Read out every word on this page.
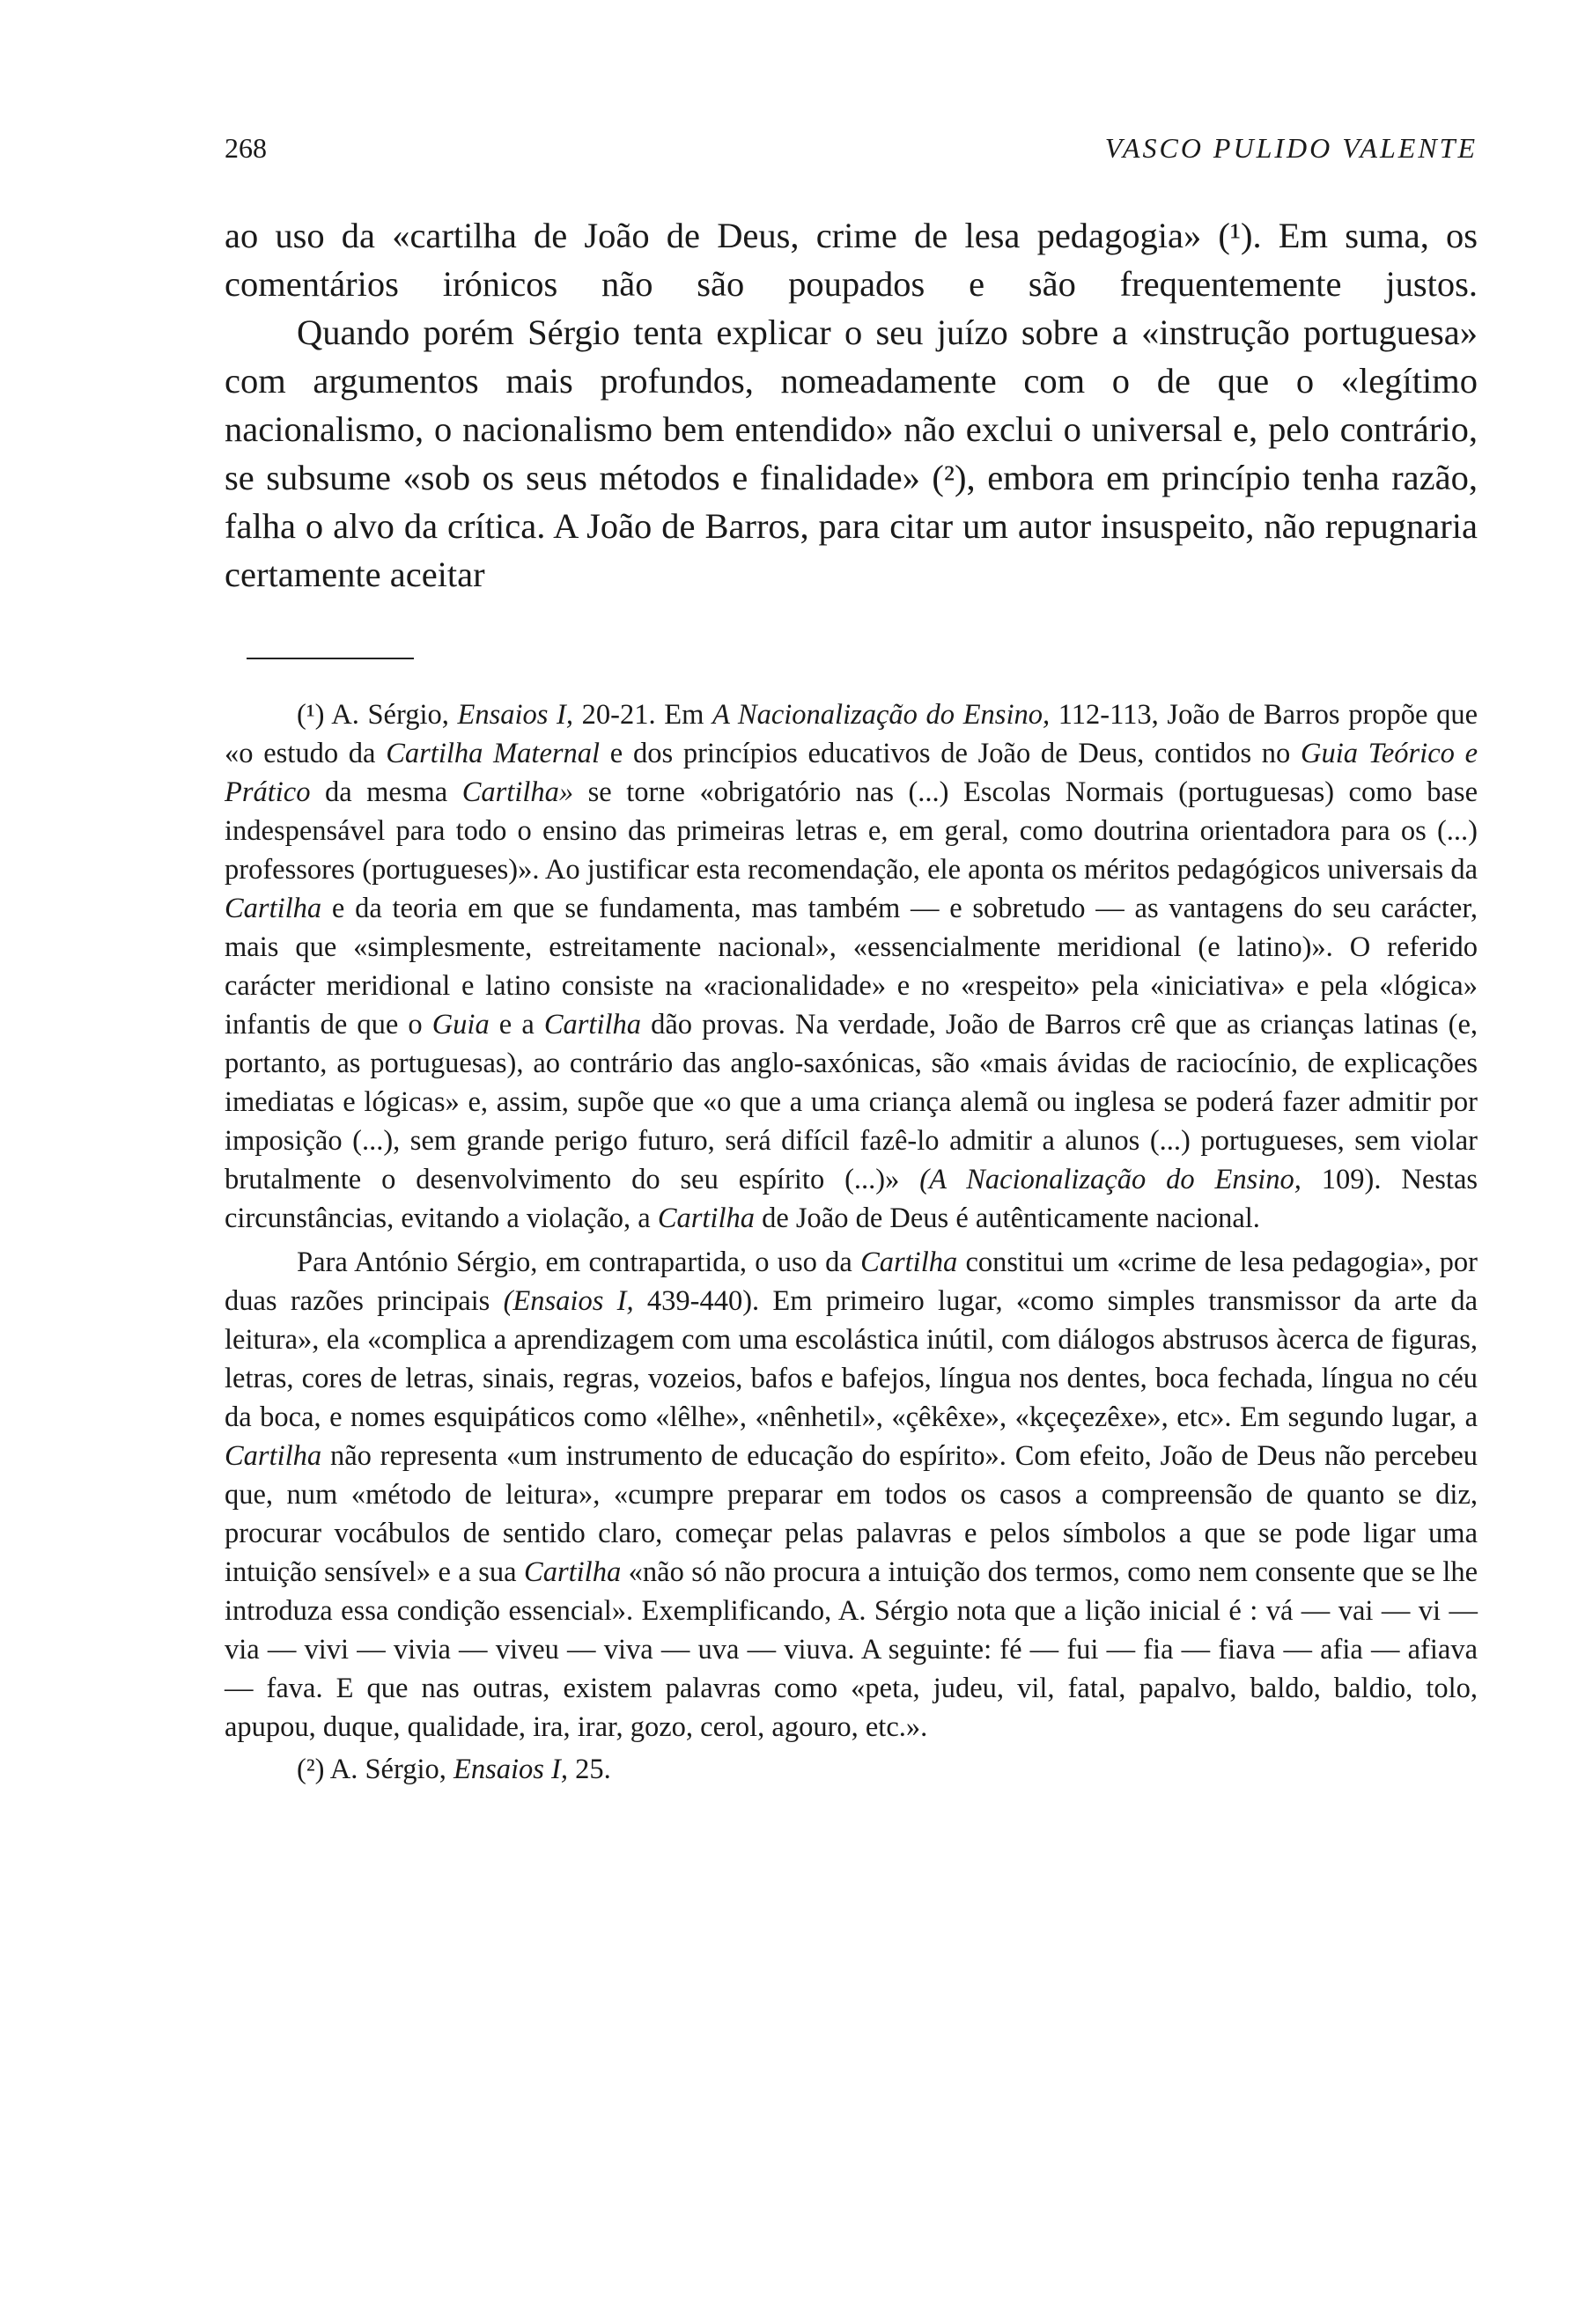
268	VASCO PULIDO VALENTE

ao uso da «cartilha de João de Deus, crime de lesa pedagogia» (¹). Em suma, os comentários irónicos não são poupados e são frequentemente justos.

Quando porém Sérgio tenta explicar o seu juízo sobre a «instrução portuguesa» com argumentos mais profundos, nomeadamente com o de que o «legítimo nacionalismo, o nacionalismo bem entendido» não exclui o universal e, pelo contrário, se subsume «sob os seus métodos e finalidade» (²), embora em princípio tenha razão, falha o alvo da crítica. A João de Barros, para citar um autor insuspeito, não repugnaria certamente aceitar

(¹) A. Sérgio, Ensaios I, 20-21. Em A Nacionalização do Ensino, 112-113, João de Barros propõe que «o estudo da Cartilha Maternal e dos princípios educativos de João de Deus, contidos no Guia Teórico e Prático da mesma Cartilha» se torne «obrigatório nas (...) Escolas Normais (portuguesas) como base indespensável para todo o ensino das primeiras letras e, em geral, como doutrina orientadora para os (...) professores (portugueses)». Ao justificar esta recomendação, ele aponta os méritos pedagógicos universais da Cartilha e da teoria em que se fundamenta, mas também — e sobretudo — as vantagens do seu carácter, mais que «simplesmente, estreitamente nacional», «essencialmente meridional (e latino)». O referido carácter meridional e latino consiste na «racionalidade» e no «respeito» pela «iniciativa» e pela «lógica» infantis de que o Guia e a Cartilha dão provas. Na verdade, João de Barros crê que as crianças latinas (e, portanto, as portuguesas), ao contrário das anglo-saxónicas, são «mais ávidas de raciocínio, de explicações imediatas e lógicas» e, assim, supõe que «o que a uma criança alemã ou inglesa se poderá fazer admitir por imposição (...), sem grande perigo futuro, será difícil fazê-lo admitir a alunos (...) portugueses, sem violar brutalmente o desenvolvimento do seu espírito (...)» (A Nacionalização do Ensino, 109). Nestas circunstâncias, evitando a violação, a Cartilha de João de Deus é autênticamente nacional.

Para António Sérgio, em contrapartida, o uso da Cartilha constitui um «crime de lesa pedagogia», por duas razões principais (Ensaios I, 439-440). Em primeiro lugar, «como simples transmissor da arte da leitura», ela «complica a aprendizagem com uma escolástica inútil, com diálogos abstrusos àcerca de figuras, letras, cores de letras, sinais, regras, vozeios, bafos e bafejos, língua nos dentes, boca fechada, língua no céu da boca, e nomes esquipáticos como «lêlhe», «nênhetil», «çêkêxe», «kçeçezêxe», etc». Em segundo lugar, a Cartilha não representa «um instrumento de educação do espírito». Com efeito, João de Deus não percebeu que, num «método de leitura», «cumpre preparar em todos os casos a compreensão de quanto se diz, procurar vocábulos de sentido claro, começar pelas palavras e pelos símbolos a que se pode ligar uma intuição sensível» e a sua Cartilha «não só não procura a intuição dos termos, como nem consente que se lhe introduza essa condição essencial». Exemplificando, A. Sérgio nota que a lição inicial é : vá — vai — vi — via — vivi — vivia — viveu — viva — uva — viuva. A seguinte: fé — fui — fia — fiava — afia — afiava — fava. E que nas outras, existem palavras como «peta, judeu, vil, fatal, papalvo, baldo, baldio, tolo, apupou, duque, qualidade, ira, irar, gozo, cerol, agouro, etc.».

(²) A. Sérgio, Ensaios I, 25.
